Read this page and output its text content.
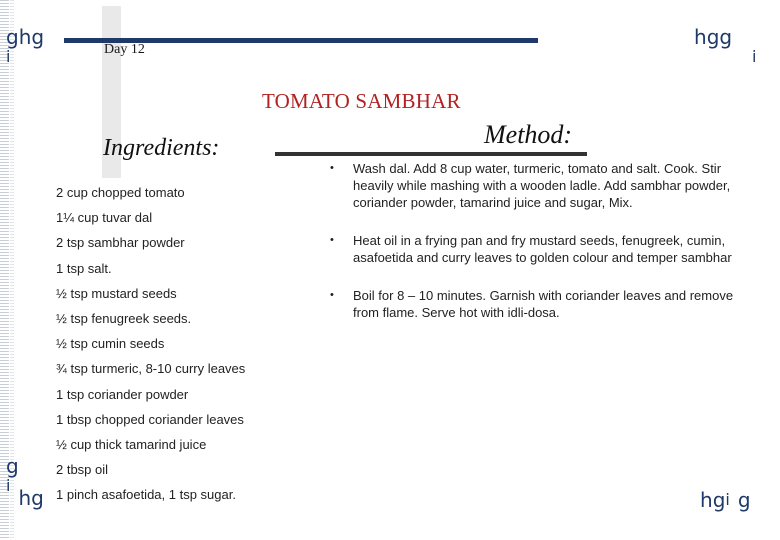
ghg
i
hgg
i
g
ihg	hgi g
Day 12
TOMATO SAMBHAR
Ingredients:	Method:
2 cup chopped tomato
1¼ cup tuvar dal
2 tsp sambhar powder
1 tsp salt.
½ tsp mustard seeds
½ tsp fenugreek seeds.
½ tsp cumin seeds
¾ tsp turmeric, 8-10 curry leaves
1 tsp coriander powder
1 tbsp chopped coriander leaves
½ cup thick tamarind juice
2 tbsp oil
1 pinch asafoetida, 1 tsp sugar.
• Wash dal. Add 8 cup water, turmeric, tomato and salt. Cook. Stir heavily while mashing with a wooden ladle. Add sambhar powder, coriander powder, tamarind juice and sugar, Mix.
• Heat oil in a frying pan and fry mustard seeds, fenugreek, cumin, asafoetida and curry leaves to golden colour and temper sambhar
• Boil for 8 – 10 minutes. Garnish with coriander leaves and remove from flame. Serve hot with idli-dosa.
